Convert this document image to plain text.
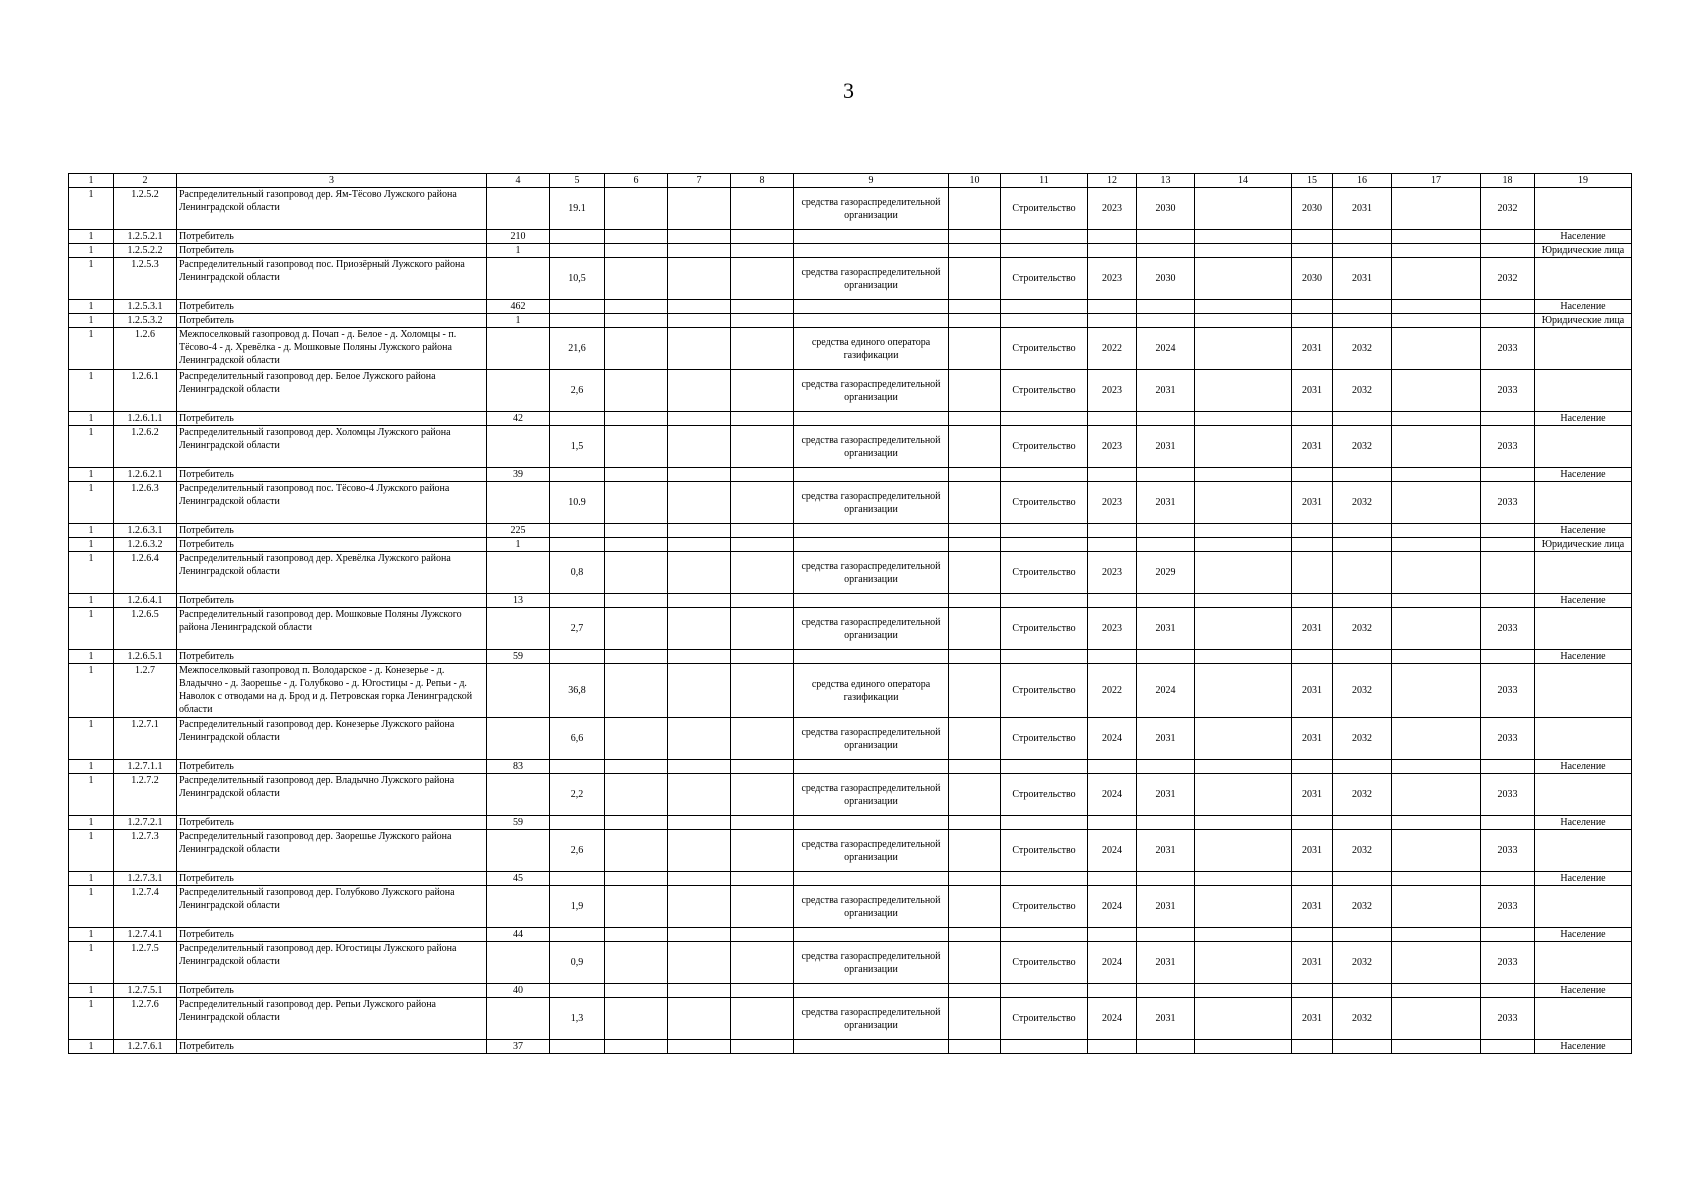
3
1	2	3	4	5	6	7	8	9	10	11	12	13	14	15	16	17	18	19
1	1.2.5.2	Распределительный газопровод дер. Ям-Тёсово Лужского района Ленинградской области		19.1				средства газораспределительной организации		Строительство	2023	2030		2030	2031		2032	
1	1.2.5.2.1	Потребитель	210															Население
1	1.2.5.2.2	Потребитель	1															Юридические лица
1	1.2.5.3	Распределительный газопровод пос. Приозёрный Лужского района Ленинградской области		10,5				средства газораспределительной организации		Строительство	2023	2030		2030	2031		2032	
1	1.2.5.3.1	Потребитель	462															Население
1	1.2.5.3.2	Потребитель	1															Юридические лица
1	1.2.6	Межпоселковый газопровод д. Почап - д. Белое - д. Холомцы - п. Тёсово-4 - д. Хревёлка - д. Мошковые Поляны Лужского района Ленинградской области		21,6				средства единого оператора газификации		Строительство	2022	2024		2031	2032		2033	
1	1.2.6.1	Распределительный газопровод дер. Белое Лужского района Ленинградской области		2,6				средства газораспределительной организации		Строительство	2023	2031		2031	2032		2033	
1	1.2.6.1.1	Потребитель	42															Население
1	1.2.6.2	Распределительный газопровод дер. Холомцы Лужского района Ленинградской области		1,5				средства газораспределительной организации		Строительство	2023	2031		2031	2032		2033	
1	1.2.6.2.1	Потребитель	39															Население
1	1.2.6.3	Распределительный газопровод пос. Тёсово-4 Лужского района Ленинградской области		10.9				средства газораспределительной организации		Строительство	2023	2031		2031	2032		2033	
1	1.2.6.3.1	Потребитель	225															Население
1	1.2.6.3.2	Потребитель	1															Юридические лица
1	1.2.6.4	Распределительный газопровод дер. Хревёлка Лужского района Ленинградской области		0,8				средства газораспределительной организации		Строительство	2023	2029						
1	1.2.6.4.1	Потребитель	13															Население
1	1.2.6.5	Распределительный газопровод дер. Мошковые Поляны Лужского района Ленинградской области		2,7				средства газораспределительной организации		Строительство	2023	2031		2031	2032		2033	
1	1.2.6.5.1	Потребитель	59															Население
1	1.2.7	Межпоселковый газопровод п. Володарское - д. Конезерье - д. Владычно - д. Заорешье - д. Голубково - д. Югостицы - д. Репьи - д. Наволок с отводами на д. Брод и д. Петровская горка Ленинградской области		36,8				средства единого оператора газификации		Строительство	2022	2024		2031	2032		2033	
1	1.2.7.1	Распределительный газопровод дер. Конезерье Лужского района Ленинградской области		6,6				средства газораспределительной организации		Строительство	2024	2031		2031	2032		2033	
1	1.2.7.1.1	Потребитель	83															Население
1	1.2.7.2	Распределительный газопровод дер. Владычно Лужского района Ленинградской области		2,2				средства газораспределительной организации		Строительство	2024	2031		2031	2032		2033	
1	1.2.7.2.1	Потребитель	59															Население
1	1.2.7.3	Распределительный газопровод дер. Заорешье Лужского района Ленинградской области		2,6				средства газораспределительной организации		Строительство	2024	2031		2031	2032		2033	
1	1.2.7.3.1	Потребитель	45															Население
1	1.2.7.4	Распределительный газопровод дер. Голубково Лужского района Ленинградской области		1,9				средства газораспределительной организации		Строительство	2024	2031		2031	2032		2033	
1	1.2.7.4.1	Потребитель	44															Население
1	1.2.7.5	Распределительный газопровод дер. Югостицы Лужского района Ленинградской области		0,9				средства газораспределительной организации		Строительство	2024	2031		2031	2032		2033	
1	1.2.7.5.1	Потребитель	40															Население
1	1.2.7.6	Распределительный газопровод дер. Репьи Лужского района Ленинградской области		1,3				средства газораспределительной организации		Строительство	2024	2031		2031	2032		2033	
1	1.2.7.6.1	Потребитель	37															Население
